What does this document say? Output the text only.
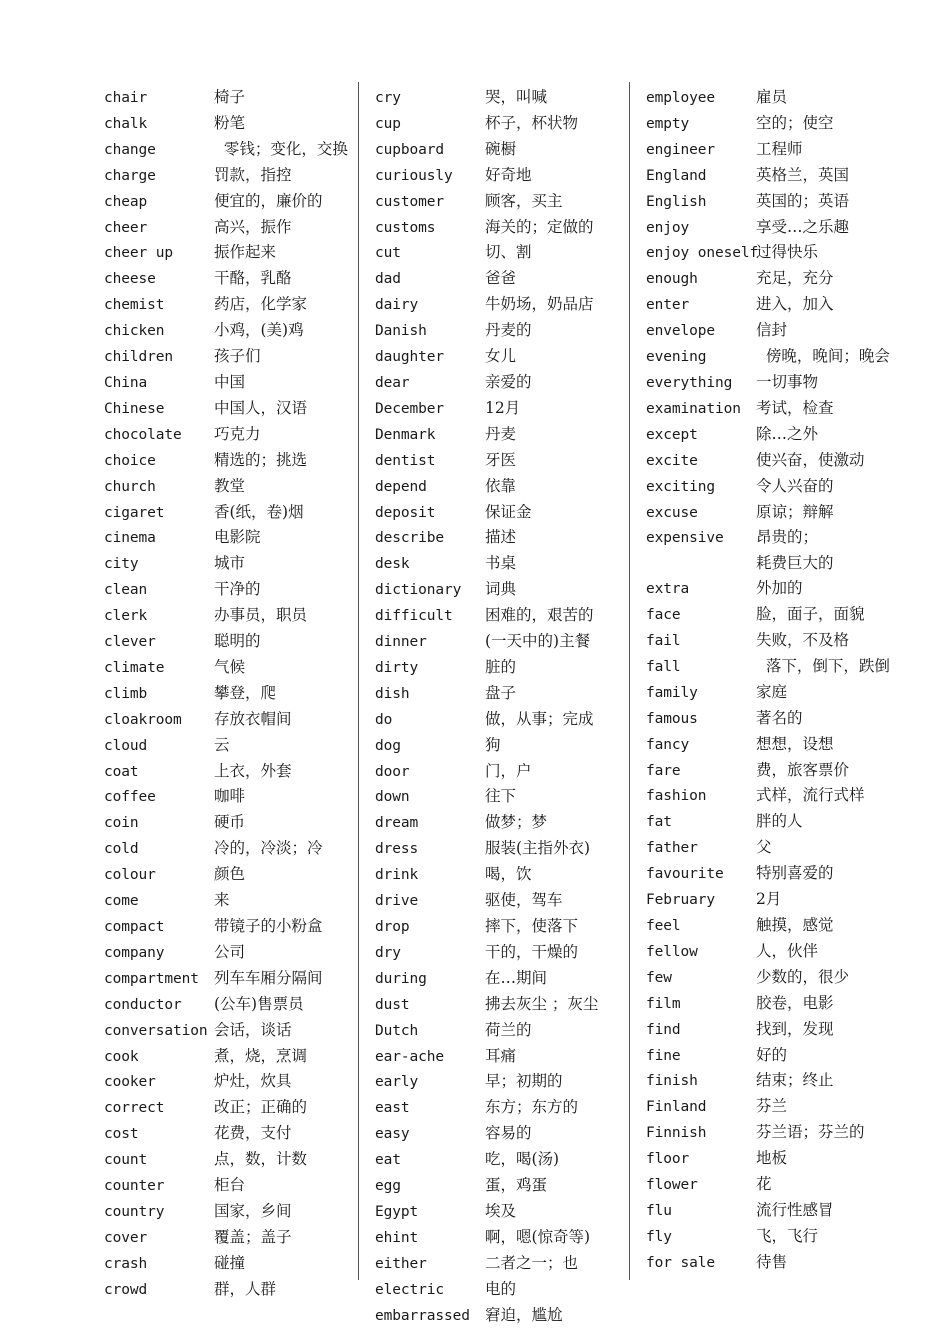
chair	椅子
chalk	粉笔
change	零钱；变化，交换
charge	罚款，指控
cheap	便宜的，廉价的
cheer	高兴，振作
cheer up	振作起来
cheese	干酪，乳酪
chemist	药店，化学家
chicken	小鸡，(美)鸡
children	孩子们
China	中国
Chinese	中国人，汉语
chocolate 巧克力
choice	精选的；挑选
church	教堂
cigaret	香(纸，卷)烟
cinema	电影院
city	城市
clean	干净的
clerk	办事员，职员
clever	聪明的
climate	气候
climb	攀登，爬
cloakroom 存放衣帽间
cloud	云
coat	上衣，外套
coffee	咖啡
coin	硬币
cold	冷的，冷淡；冷
colour	颜色
come	来
compact	带镜子的小粉盒
company	公司
compartment 列车车厢分隔间
conductor (公车)售票员
conversation 会话，谈话
cook	煮，烧，烹调
cooker	炉灶，炊具
correct	改正；正确的
cost	花费，支付
count	点，数，计数
counter	柜台
country	国家，乡间
cover	覆盖；盖子
crash	碰撞
crowd	群，人群
cry	哭，叫喊
cup	杯子，杯状物
cupboard	碗橱
curiously 好奇地
customer	顾客，买主
customs	海关的；定做的
cut	切、割
dad	爸爸
dairy	牛奶场，奶品店
Danish	丹麦的
daughter	女儿
dear	亲爱的
December	12月
Denmark	丹麦
dentist	牙医
depend	依靠
deposit	保证金
describe	描述
desk	书桌
dictionary 词典
difficult 困难的，艰苦的
dinner	(一天中的)主餐
dirty	脏的
dish	盘子
do	做，从事；完成
dog	狗
door	门，户
down	往下
dream	做梦；梦
dress	服装(主指外衣)
drink	喝，饮
drive	驱使，驾车
drop	摔下，使落下
dry	干的，干燥的
during	在…期间
dust	拂去灰尘 ；灰尘
Dutch	荷兰的
ear-ache	耳痛
early	早；初期的
east	东方；东方的
easy	容易的
eat	吃，喝(汤)
egg	蛋，鸡蛋
Egypt	埃及
ehint	啊，嗯(惊奇等)
either	二者之一；也
electric	电的
embarrassed 窘迫，尴尬
employee	雇员
empty	空的；使空
engineer	工程师
England	英格兰，英国
English	英国的；英语
enjoy	享受…之乐趣
enjoy oneself过得快乐
enough	充足，充分
enter	进入，加入
envelope	信封
evening	傍晚，晚间；晚会
everything 一切事物
examination 考试，检查
except	除…之外
excite	使兴奋，使激动
exciting	令人兴奋的
excuse	原谅；辩解
expensive 昂贵的；
耗费巨大的
extra	外加的
face	脸，面子，面貌
fail	失败，不及格
fall	落下，倒下，跌倒
family	家庭
famous	著名的
fancy	想想，设想
fare	费，旅客票价
fashion	式样，流行式样
fat	胖的人
father	父
favourite 特别喜爱的
February	2月
feel	触摸，感觉
fellow	人，伙伴
few	少数的，很少
film	胶卷，电影
find	找到，发现
fine	好的
finish	结束；终止
Finland	芬兰
Finnish	芬兰语；芬兰的
floor	地板
flower	花
flu	流行性感冒
fly	飞，飞行
for sale	待售
